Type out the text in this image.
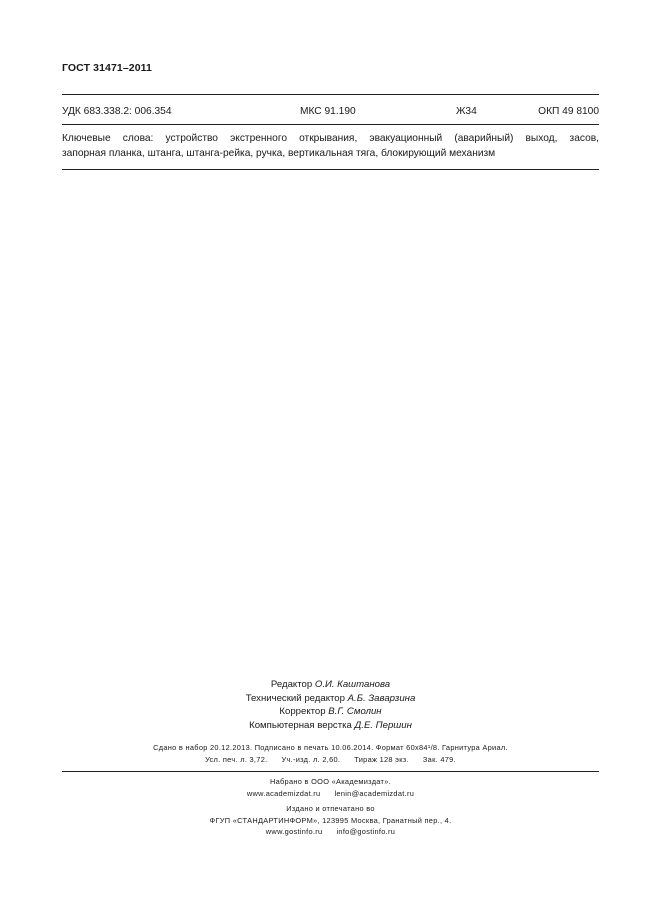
ГОСТ 31471–2011
УДК 683.338.2: 006.354	МКС 91.190	Ж34	ОКП 49 8100
Ключевые слова: устройство экстренного открывания, эвакуационный (аварийный) выход, засов,
запорная планка, штанга, штанга-рейка, ручка, вертикальная тяга, блокирующий механизм
Редактор О.И. Каштанова
Технический редактор А.Б. Заварзина
Корректор В.Г. Смолин
Компьютерная верстка Д.Е. Першин
Сдано в набор 20.12.2013. Подписано в печать 10.06.2014. Формат 60x84¹/8. Гарнитура Ариал.
Усл. печ. л. 3,72. Уч.-изд. л. 2,60. Тираж 128 экз. Зак. 479.
Набрано в ООО «Академиздат».
www.academizdat.ru lenin@academizdat.ru
Издано и отпечатано во
ФГУП «СТАНДАРТИНФОРМ», 123995 Москва, Гранатный пер., 4.
www.gostinfo.ru info@gostinfo.ru
